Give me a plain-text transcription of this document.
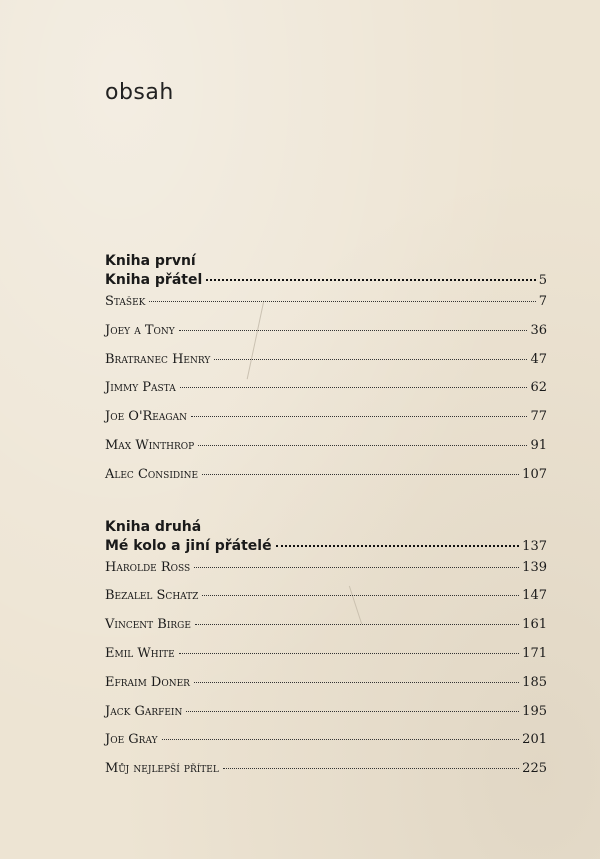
obsah
Kniha první
Kniha přátel	5
Stašek	7
Joey a Tony	36
Bratranec Henry	47
Jimmy Pasta	62
Joe O'Reagan	77
Max Winthrop	91
Alec Considine	107
Kniha druhá
Mé kolo a jiní přátelé	137
Harolde Ross	139
Bezalel Schatz	147
Vincent Birge	161
Emil White	171
Efraim Doner	185
Jack Garfein	195
Joe Gray	201
Můj nejlepší přítel	225
